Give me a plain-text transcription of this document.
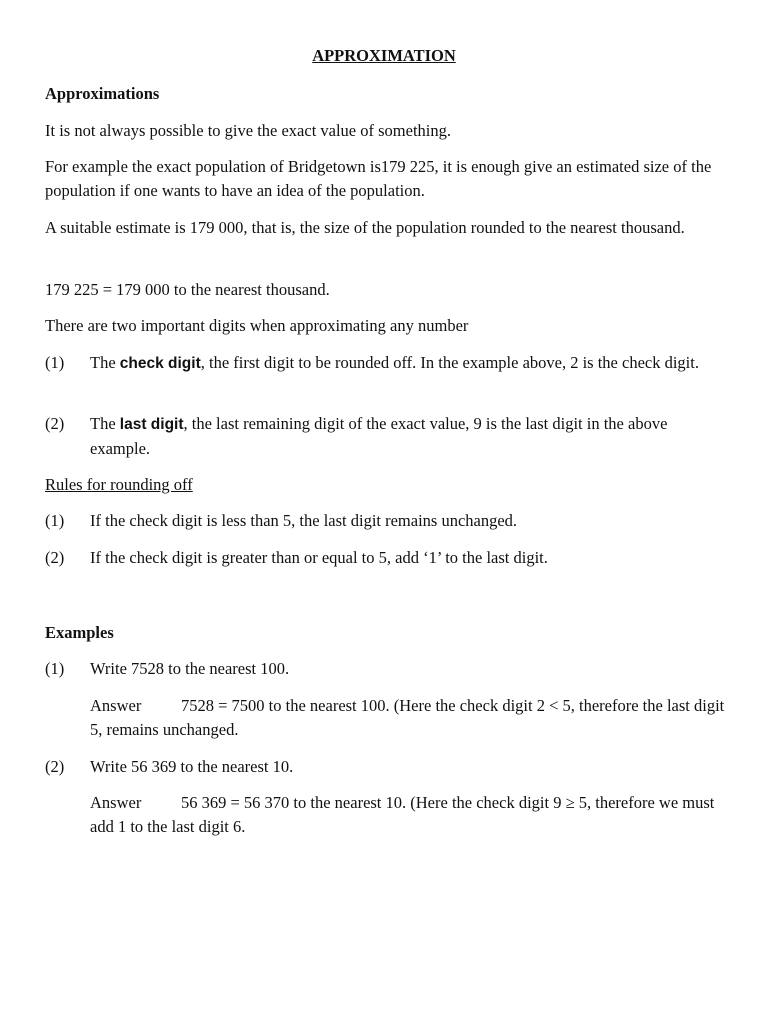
APPROXIMATION
Approximations
It is not always possible to give the exact value of something.
For example the exact population of Bridgetown is179 225, it is enough give an estimated size of the population if one wants to have an idea of the population.
A suitable estimate is 179 000, that is, the size of the population rounded to the nearest thousand.
179 225 = 179 000 to the nearest thousand.
There are two important digits when approximating any number
(1) The check digit, the first digit to be rounded off. In the example above, 2 is the check digit.
(2) The last digit, the last remaining digit of the exact value, 9 is the last digit in the above example.
Rules for rounding off
(1) If the check digit is less than 5, the last digit remains unchanged.
(2) If the check digit is greater than or equal to 5, add ‘1’ to the last digit.
Examples
(1) Write 7528 to the nearest 100.
Answer 7528 = 7500 to the nearest 100. (Here the check digit 2 < 5, therefore the last digit 5, remains unchanged.
(2) Write 56 369 to the nearest 10.
Answer 56 369 = 56 370 to the nearest 10. (Here the check digit 9 ≥ 5, therefore we must add 1 to the last digit 6.
